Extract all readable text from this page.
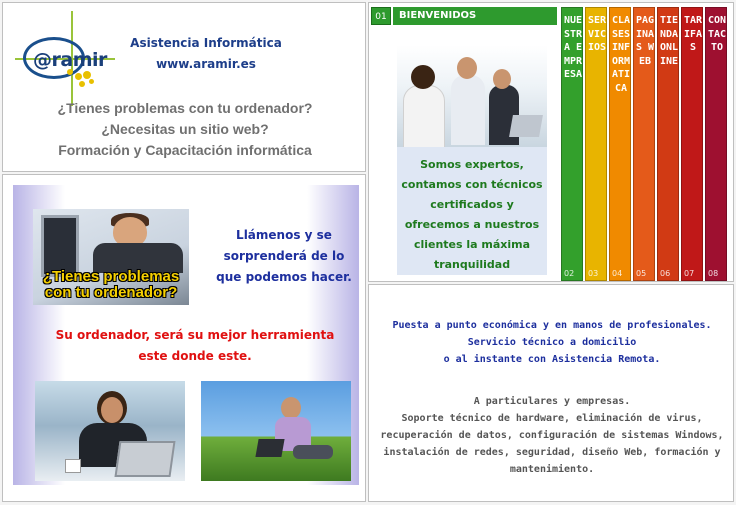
@ramir
Asistencia Informática
www.aramir.es
¿Tienes problemas con tu ordenador?
¿Necesitas un sitio web?
Formación y Capacitación informática
¿Tienes problemas con tu ordenador?
Llámenos y se
sorprenderá de lo
que podemos hacer.
Su ordenador, será su mejor herramienta
este donde este.
01	BIENVENIDOS
Somos expertos,
contamos con técnicos
certificados y
ofrecemos a nuestros
clientes la máxima
tranquilidad
NUESTRA EMPRESA
02
SERVICIOS
03
CLASES INFORMATICA
04
PAGINAS WEB
05
TIENDA ONLINE
06
TARIFAS
07
CONTACTO
08
Puesta a punto económica y en manos de profesionales.
Servicio técnico a domicilio
o al instante con Asistencia Remota.
A particulares y empresas.
Soporte técnico de hardware, eliminación de virus,
recuperación de datos, configuración de sistemas Windows,
instalación de redes, seguridad, diseño Web, formación y
mantenimiento.
